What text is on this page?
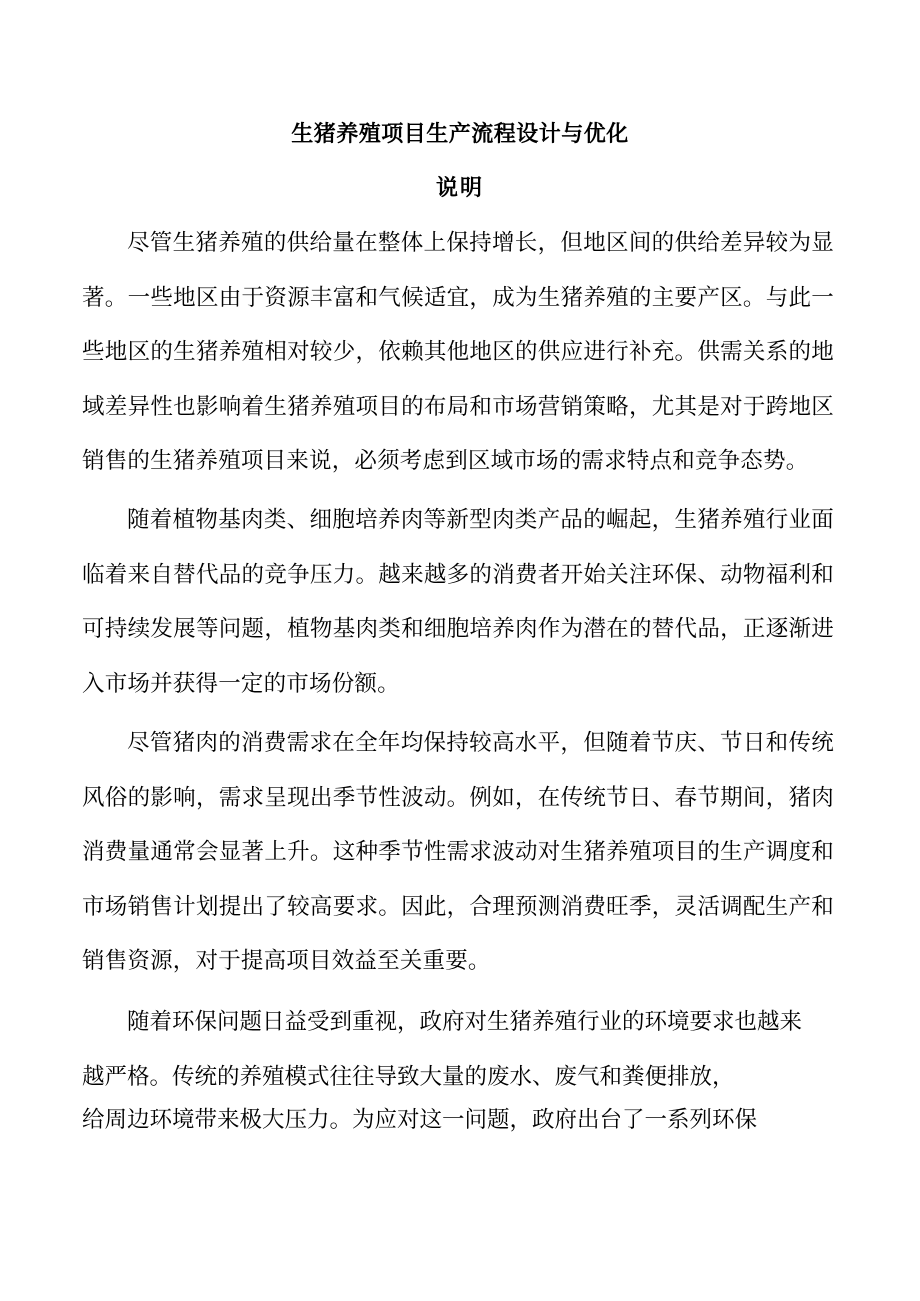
生猪养殖项目生产流程设计与优化
说明

尽管生猪养殖的供给量在整体上保持增长，但地区间的供给差异较为显著。一些地区由于资源丰富和气候适宜，成为生猪养殖的主要产区。与此一些地区的生猪养殖相对较少，依赖其他地区的供应进行补充。供需关系的地域差异性也影响着生猪养殖项目的布局和市场营销策略，尤其是对于跨地区销售的生猪养殖项目来说，必须考虑到区域市场的需求特点和竞争态势。

随着植物基肉类、细胞培养肉等新型肉类产品的崛起，生猪养殖行业面临着来自替代品的竞争压力。越来越多的消费者开始关注环保、动物福利和可持续发展等问题，植物基肉类和细胞培养肉作为潜在的替代品，正逐渐进入市场并获得一定的市场份额。

尽管猪肉的消费需求在全年均保持较高水平，但随着节庆、节日和传统风俗的影响，需求呈现出季节性波动。例如，在传统节日、春节期间，猪肉消费量通常会显著上升。这种季节性需求波动对生猪养殖项目的生产调度和市场销售计划提出了较高要求。因此，合理预测消费旺季，灵活调配生产和销售资源，对于提高项目效益至关重要。

随着环保问题日益受到重视，政府对生猪养殖行业的环境要求也越来
越严格。传统的养殖模式往往导致大量的废水、废气和粪便排放，
给周边环境带来极大压力。为应对这一问题，政府出台了一系列环保
